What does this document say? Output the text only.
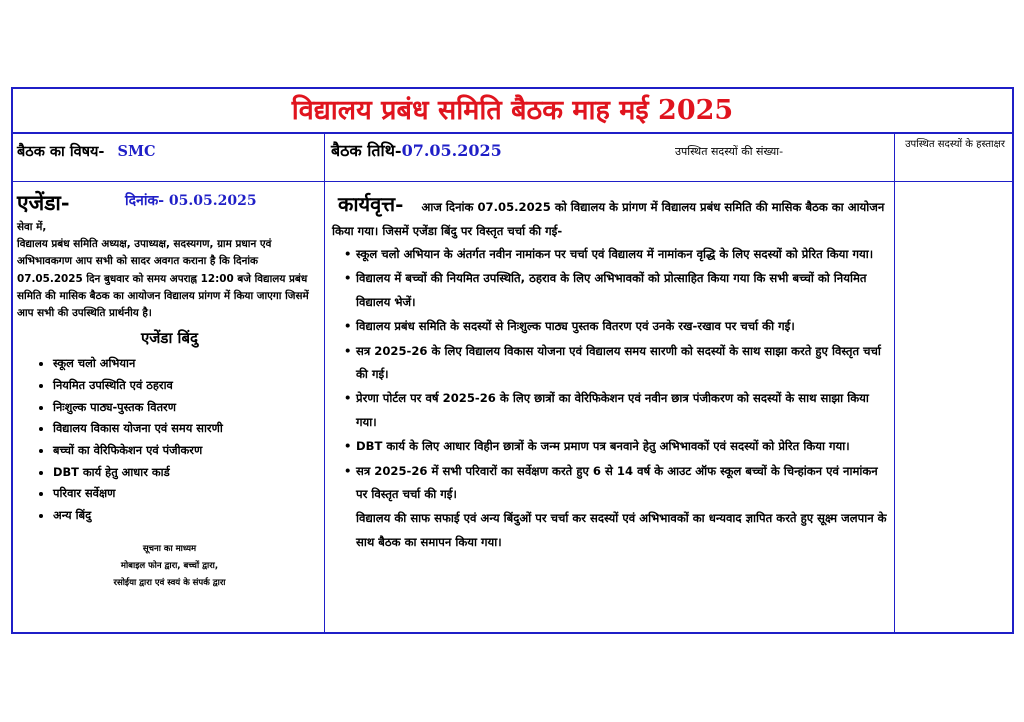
विद्यालय प्रबंध समिति बैठक माह मई 2025
बैठक का विषय- SMC	बैठक तिथि-07.05.2025	उपस्थित सदस्यों की संख्या-
उपस्थित सदस्यों के हस्ताक्षर
एजेंडा-	दिनांक- 05.05.2025
सेवा में,
विद्यालय प्रबंध समिति अध्यक्ष, उपाध्यक्ष, सदस्यगण, ग्राम प्रधान एवं अभिभावकगण आप सभी को सादर अवगत कराना है कि दिनांक 07.05.2025 दिन बुधवार को समय अपराह्न 12:00 बजे विद्यालय प्रबंध समिति की मासिक बैठक का आयोजन विद्यालय प्रांगण में किया जाएगा जिसमें आप सभी की उपस्थिति प्रार्थनीय है।
एजेंडा बिंदु
• स्कूल चलो अभियान
• नियमित उपस्थिति एवं ठहराव
• निःशुल्क पाठ्य-पुस्तक वितरण
• विद्यालय विकास योजना एवं समय सारणी
• बच्चों का वेरिफिकेशन एवं पंजीकरण
• DBT कार्य हेतु आधार कार्ड
• परिवार सर्वेक्षण
• अन्य बिंदु
सूचना का माध्यम
मोबाइल फोन द्वारा, बच्चों द्वारा,
रसोईया द्वारा एवं स्वयं के संपर्क द्वारा
कार्यवृत्त- आज दिनांक 07.05.2025 को विद्यालय के प्रांगण में विद्यालय प्रबंध समिति की मासिक बैठक का आयोजन किया गया। जिसमें एजेंडा बिंदु पर विस्तृत चर्चा की गई-
• स्कूल चलो अभियान के अंतर्गत नवीन नामांकन पर चर्चा एवं विद्यालय में नामांकन वृद्धि के लिए सदस्यों को प्रेरित किया गया।
• विद्यालय में बच्चों की नियमित उपस्थिति, ठहराव के लिए अभिभावकों को प्रोत्साहित किया गया कि सभी बच्चों को नियमित विद्यालय भेजें।
• विद्यालय प्रबंध समिति के सदस्यों से निःशुल्क पाठ्य पुस्तक वितरण एवं उनके रख-रखाव पर चर्चा की गई।
• सत्र 2025-26 के लिए विद्यालय विकास योजना एवं विद्यालय समय सारणी को सदस्यों के साथ साझा करते हुए विस्तृत चर्चा की गई।
• प्रेरणा पोर्टल पर वर्ष 2025-26 के लिए छात्रों का वेरिफिकेशन एवं नवीन छात्र पंजीकरण को सदस्यों के साथ साझा किया गया।
• DBT कार्य के लिए आधार विहीन छात्रों के जन्म प्रमाण पत्र बनवाने हेतु अभिभावकों एवं सदस्यों को प्रेरित किया गया।
• सत्र 2025-26 में सभी परिवारों का सर्वेक्षण करते हुए 6 से 14 वर्ष के आउट ऑफ स्कूल बच्चों के चिन्हांकन एवं नामांकन पर विस्तृत चर्चा की गई।
विद्यालय की साफ सफाई एवं अन्य बिंदुओं पर चर्चा कर सदस्यों एवं अभिभावकों का धन्यवाद ज्ञापित करते हुए सूक्ष्म जलपान के साथ बैठक का समापन किया गया।
